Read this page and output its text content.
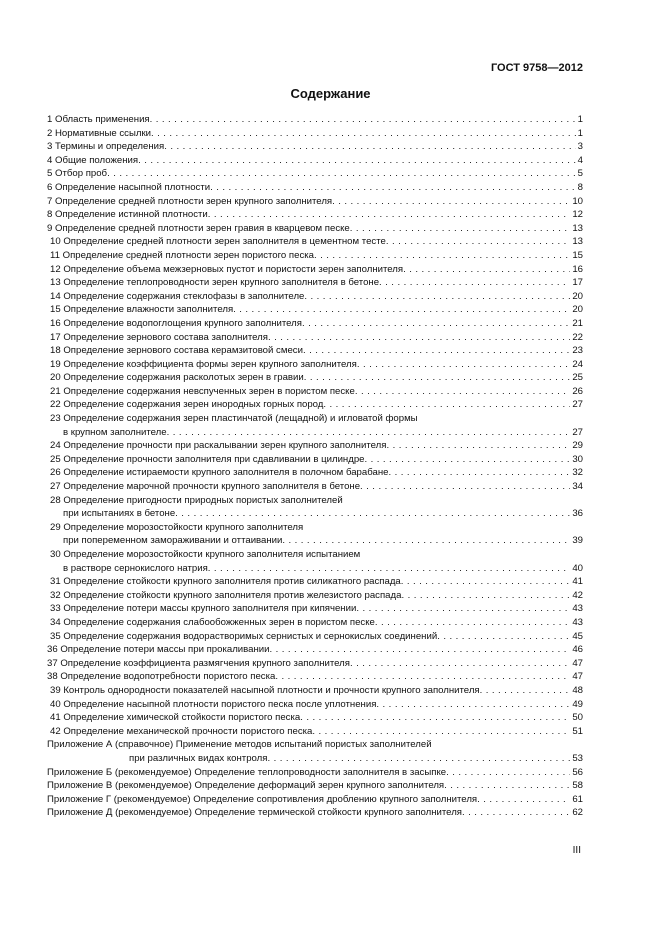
ГОСТ 9758—2012
Содержание
1 Область применения . . .	1
2 Нормативные ссылки . . .	1
3 Термины и определения . . .	3
4 Общие положения . . .	4
5 Отбор проб . . .	5
6 Определение насыпной плотности . . .	8
7 Определение средней плотности зерен крупного заполнителя . . .	10
8 Определение истинной плотности . . .	12
9 Определение средней плотности зерен гравия в кварцевом песке . . .	13
10 Определение средней плотности зерен заполнителя в цементном тесте . . .	13
11 Определение средней плотности зерен пористого песка . . .	15
12 Определение объема межзерновых пустот и пористости зерен заполнителя . . .	16
13 Определение теплопроводности зерен крупного заполнителя в бетоне . . .	17
14 Определение содержания стеклофазы в заполнителе . . .	20
15 Определение влажности заполнителя . . .	20
16 Определение водопоглощения крупного заполнителя . . .	21
17 Определение зернового состава заполнителя . . .	22
18 Определение зернового состава керамзитовой смеси . . .	23
19 Определение коэффициента формы зерен крупного заполнителя . . .	24
20 Определение содержания расколотых зерен в гравии . . .	25
21 Определение содержания невспученных зерен в пористом песке . . .	26
22 Определение содержания зерен инородных горных пород . . .	27
23 Определение содержания зерен пластинчатой (лещадной) и игловатой формы
в крупном заполнителе . . .	27
24 Определение прочности при раскалывании зерен крупного заполнителя . . .	29
25 Определение прочности заполнителя при сдавливании в цилиндре . . .	30
26 Определение истираемости крупного заполнителя в полочном барабане . . .	32
27 Определение марочной прочности крупного заполнителя в бетоне . . .	34
28 Определение пригодности природных пористых заполнителей
при испытаниях в бетоне . . .	36
29 Определение морозостойкости крупного заполнителя
при попеременном замораживании и оттаивании . . .	39
30 Определение морозостойкости крупного заполнителя испытанием
в растворе сернокислого натрия . . .	40
31 Определение стойкости крупного заполнителя против силикатного распада . . .	41
32 Определение стойкости крупного заполнителя против железистого распада . . .	42
33 Определение потери массы крупного заполнителя при кипячении . . .	43
34 Определение содержания слабообожженных зерен в пористом песке . . .	43
35 Определение содержания водорастворимых сернистых и сернокислых соединений . . .	45
36 Определение потери массы при прокаливании . . .	46
37 Определение коэффициента размягчения крупного заполнителя . . .	47
38 Определение водопотребности пористого песка . . .	47
39 Контроль однородности показателей насыпной плотности и прочности крупного заполнителя . . .	48
40 Определение насыпной плотности пористого песка после уплотнения . . .	49
41 Определение химической стойкости пористого песка . . .	50
42 Определение механической прочности пористого песка . . .	51
Приложение А (справочное) Применение методов испытаний пористых заполнителей
при различных видах контроля . . .	53
Приложение Б (рекомендуемое) Определение теплопроводности заполнителя в засыпке . . .	56
Приложение В (рекомендуемое) Определение деформаций зерен крупного заполнителя . . .	58
Приложение Г (рекомендуемое) Определение сопротивления дроблению крупного заполнителя . . .	61
Приложение Д (рекомендуемое) Определение термической стойкости крупного заполнителя . . .	62
III
